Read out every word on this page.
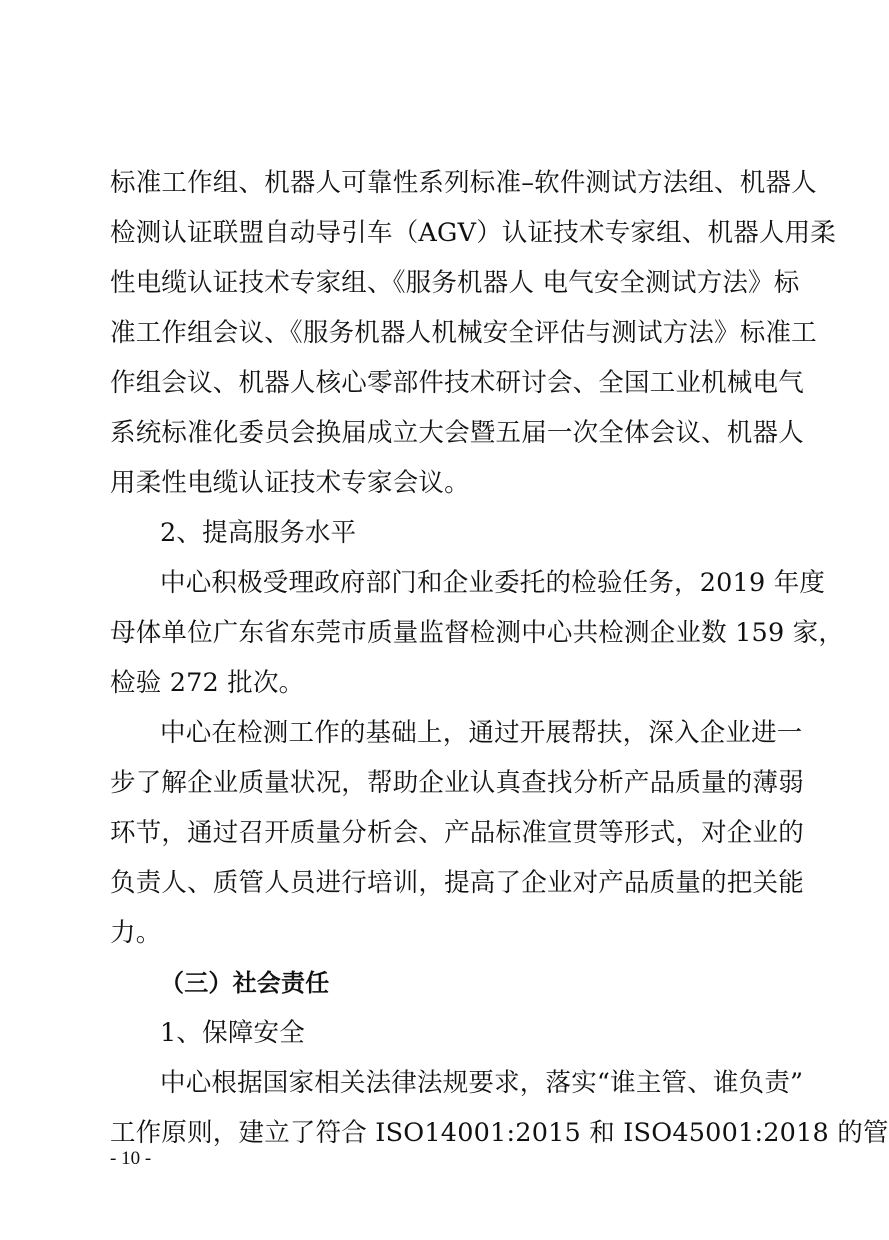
标准工作组、机器人可靠性系列标准–软件测试方法组、机器人
检测认证联盟自动导引车（AGV）认证技术专家组、机器人用柔
性电缆认证技术专家组、《服务机器人 电气安全测试方法》标
准工作组会议、《服务机器人机械安全评估与测试方法》标准工
作组会议、机器人核心零部件技术研讨会、全国工业机械电气
系统标准化委员会换届成立大会暨五届一次全体会议、机器人
用柔性电缆认证技术专家会议。
2、提高服务水平
中心积极受理政府部门和企业委托的检验任务，2019 年度
母体单位广东省东莞市质量监督检测中心共检测企业数 159 家，
检验 272 批次。
中心在检测工作的基础上，通过开展帮扶，深入企业进一
步了解企业质量状况，帮助企业认真查找分析产品质量的薄弱
环节，通过召开质量分析会、产品标准宣贯等形式，对企业的
负责人、质管人员进行培训，提高了企业对产品质量的把关能
力。
（三）社会责任
1、保障安全
中心根据国家相关法律法规要求，落实“谁主管、谁负责”
工作原则，建立了符合 ISO14001:2015 和 ISO45001:2018 的管
- 10 -
